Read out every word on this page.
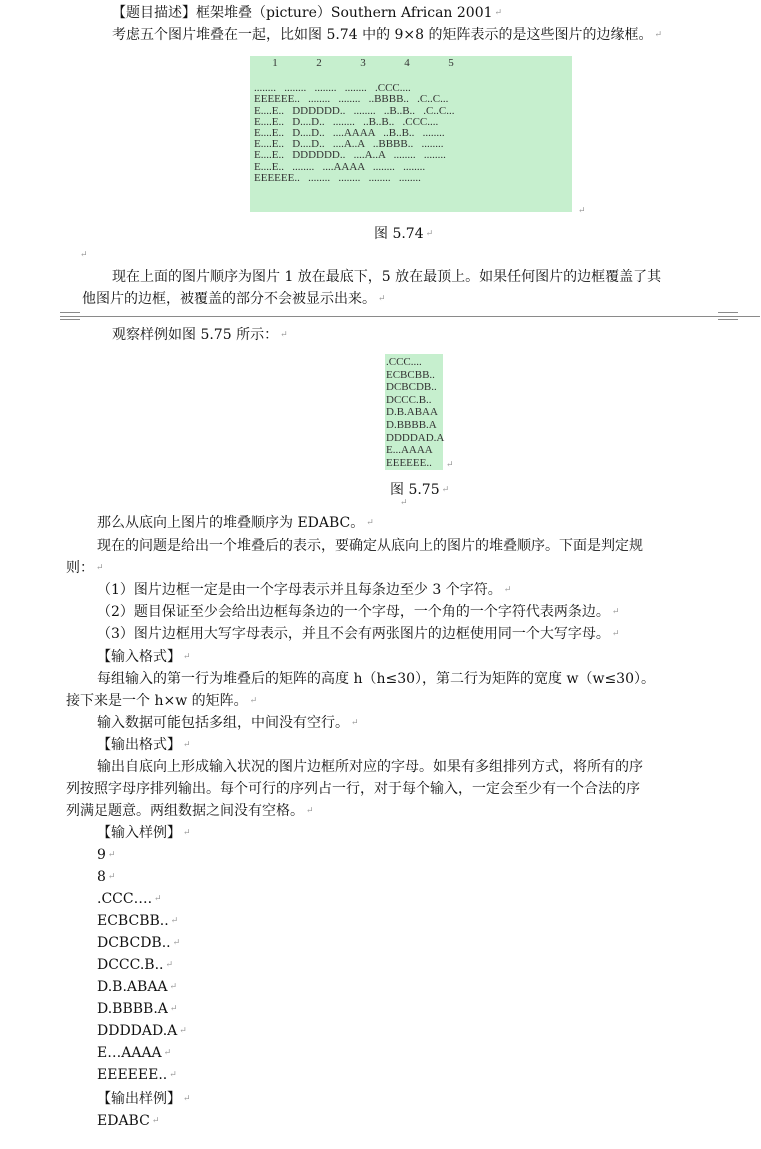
【题目描述】框架堆叠（picture）Southern African 2001 ↵
考虑五个图片堆叠在一起，比如图 5.74 中的 9×8 的矩阵表示的是这些图片的边缘框。 ↵
1              2              3              4              5
........   ........   ........   ........   .CCC....
EEEEEE..   ........   ........   ..BBBB..   .C..C...
E....E..   DDDDDD..   ........   ..B..B..   .C..C...
E....E..   D....D..   ........   ..B..B..   .CCC....
E....E..   D....D..   ....AAAA   ..B..B..   ........
E....E..   D....D..   ....A..A   ..BBBB..   ........
E....E..   DDDDDD..   ....A..A   ........   ........
E....E..   ........   ....AAAA   ........   ........
EEEEEE..   ........   ........   ........   ........
↵
图 5.74 ↵
↵
现在上面的图片顺序为图片 1 放在最底下，5 放在最顶上。如果任何图片的边框覆盖了其
他图片的边框，被覆盖的部分不会被显示出来。 ↵
观察样例如图 5.75 所示： ↵
.CCC....
ECBCBB..
DCBCDB..
DCCC.B..
D.B.ABAA
D.BBBB.A
DDDDAD.A
E...AAAA
EEEEEE..	↵
图 5.75 ↵
↵
那么从底向上图片的堆叠顺序为 EDABC。 ↵
现在的问题是给出一个堆叠后的表示，要确定从底向上的图片的堆叠顺序。下面是判定规
则： ↵
（1）图片边框一定是由一个字母表示并且每条边至少 3 个字符。 ↵
（2）题目保证至少会给出边框每条边的一个字母，一个角的一个字符代表两条边。 ↵
（3）图片边框用大写字母表示，并且不会有两张图片的边框使用同一个大写字母。 ↵
【输入格式】 ↵
每组输入的第一行为堆叠后的矩阵的高度 h（h≤30），第二行为矩阵的宽度 w（w≤30）。
接下来是一个 h×w 的矩阵。 ↵
输入数据可能包括多组，中间没有空行。 ↵
【输出格式】 ↵
输出自底向上形成输入状况的图片边框所对应的字母。如果有多组排列方式，将所有的序
列按照字母序排列输出。每个可行的序列占一行，对于每个输入，一定会至少有一个合法的序
列满足题意。两组数据之间没有空格。 ↵
【输入样例】 ↵
9 ↵
8 ↵
.CCC…. ↵
ECBCBB.. ↵
DCBCDB.. ↵
DCCC.B.. ↵
D.B.ABAA ↵
D.BBBB.A ↵
DDDDAD.A ↵
E…AAAA ↵
EEEEEE.. ↵
【输出样例】 ↵
EDABC ↵
